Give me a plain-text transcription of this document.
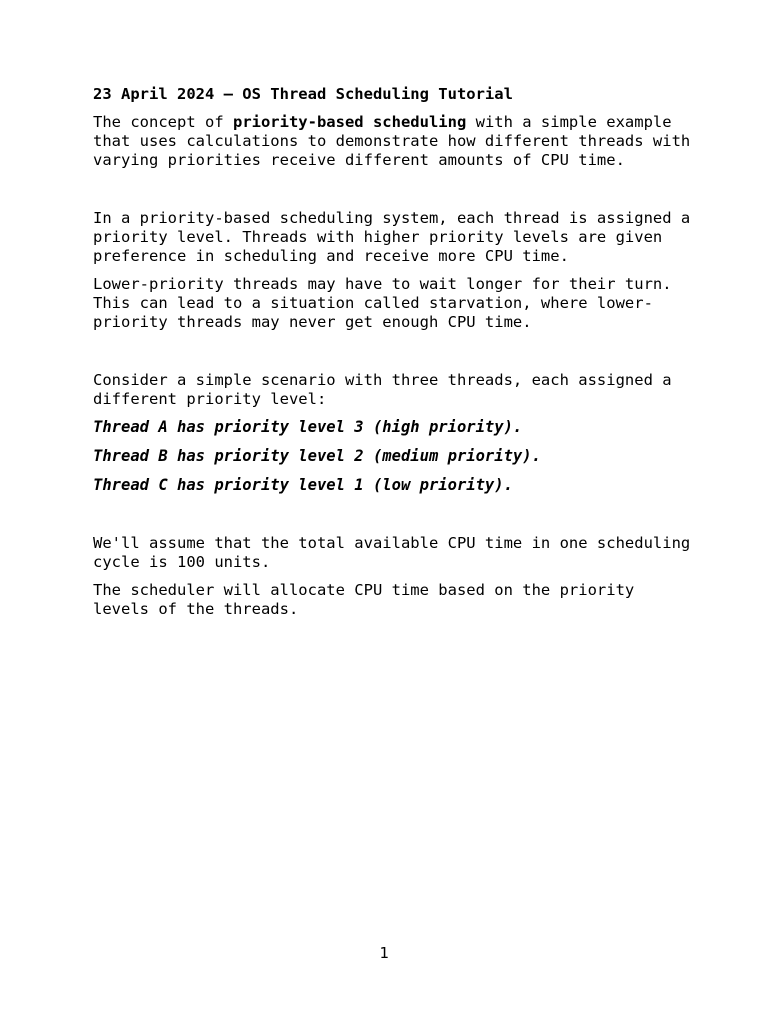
23 April 2024 – OS Thread Scheduling Tutorial

The concept of priority-based scheduling with a simple example that uses calculations to demonstrate how different threads with varying priorities receive different amounts of CPU time.

In a priority-based scheduling system, each thread is assigned a priority level. Threads with higher priority levels are given preference in scheduling and receive more CPU time.

Lower-priority threads may have to wait longer for their turn. This can lead to a situation called starvation, where lower-priority threads may never get enough CPU time.

Consider a simple scenario with three threads, each assigned a different priority level:

Thread A has priority level 3 (high priority).

Thread B has priority level 2 (medium priority).

Thread C has priority level 1 (low priority).

We'll assume that the total available CPU time in one scheduling cycle is 100 units.

The scheduler will allocate CPU time based on the priority levels of the threads.

1
